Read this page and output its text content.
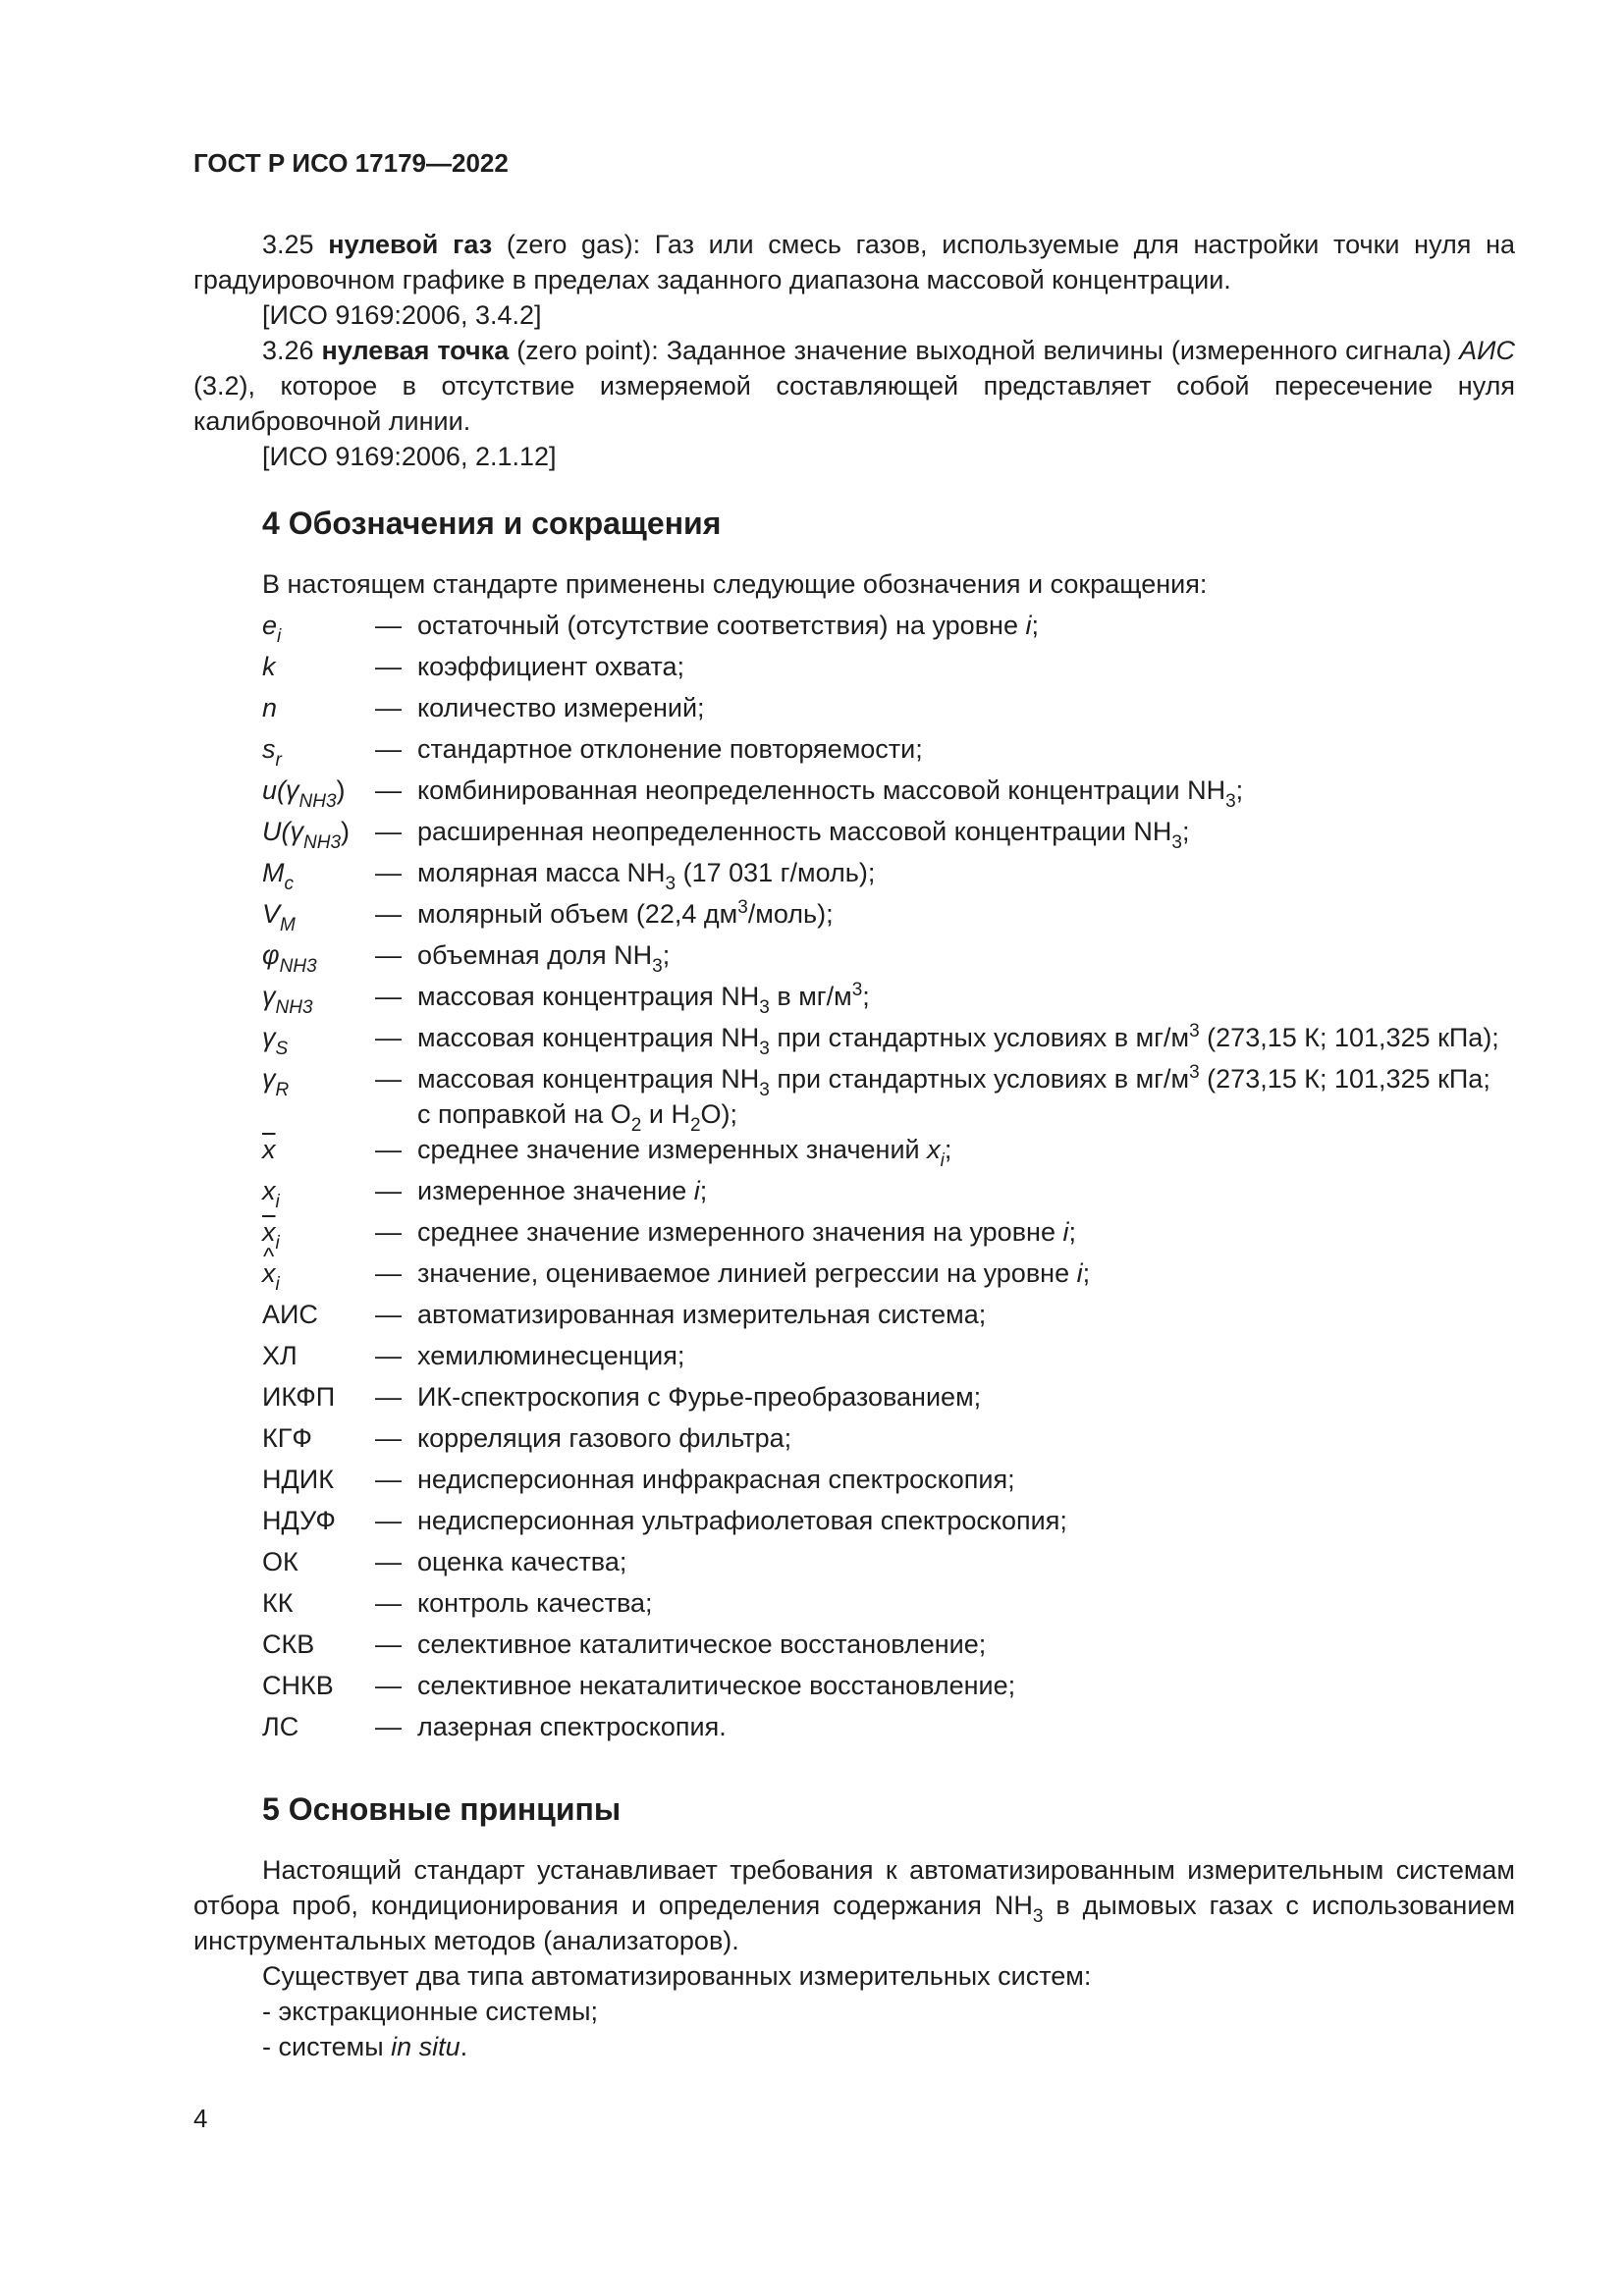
ГОСТ Р ИСО 17179—2022

3.25 нулевой газ (zero gas): Газ или смесь газов, используемые для настройки точки нуля на градуировочном графике в пределах заданного диапазона массовой концентрации.

[ИСО 9169:2006, 3.4.2]

3.26 нулевая точка (zero point): Заданное значение выходной величины (измеренного сигнала) АИС (3.2), которое в отсутствие измеряемой составляющей представляет собой пересечение нуля калибровочной линии.

[ИСО 9169:2006, 2.1.12]

4 Обозначения и сокращения

В настоящем стандарте применены следующие обозначения и сокращения:

$e_i$	— остаточный (отсутствие соответствия) на уровне i;
k	— коэффициент охвата;
n	— количество измерений;
$s_r$	— стандартное отклонение повторяемости;
$u(\gamma_{NH3})$	— комбинированная неопределенность массовой концентрации $NH_3$;
$U(\gamma_{NH3})$ — расширенная неопределенность массовой концентрации $NH_3$;
$M_c$	— молярная масса $NH_3$ (17 031 г/моль);
$V_M$	— молярный объем (22,4 $дм^3/моль$);
$\varphi_{NH3}$	— объемная доля $NH_3$;
$\gamma_{NH3}$	— массовая концентрация $NH_3$ в $мг/м^3$;
$\gamma_S$	— массовая концентрация $NH_3$ при стандартных условиях в $мг/м^3$ (273,15 К; 101,325 кПа);
$\gamma_R$	— массовая концентрация $NH_3$ при стандартных условиях в $мг/м^3$ (273,15 К; 101,325 кПа;
с поправкой на $O_2$ и $H_2O$);
$\overline{x}$	— среднее значение измеренных значений $x_i$;
$x_i$	— измеренное значение i;
$\overline{x}_i$	— среднее значение измеренного значения на уровне i;
^ $x_i$	— значение, оцениваемое линией регрессии на уровне i;
АИС	— автоматизированная измерительная система;
ХЛ	— хемилюминесценция;
ИКФП	— ИК-спектроскопия с Фурье-преобразованием;
КГФ	— корреляция газового фильтра;
НДИК	— недисперсионная инфракрасная спектроскопия;
НДУФ	— недисперсионная ультрафиолетовая спектроскопия;
ОК	— оценка качества;
КК	— контроль качества;
СКВ	— селективное каталитическое восстановление;
СНКВ	— селективное некаталитическое восстановление;
ЛС	— лазерная спектроскопия.
5 Основные принципы

Настоящий стандарт устанавливает требования к автоматизированным измерительным системам отбора проб, кондиционирования и определения содержания $NH_3$ в дымовых газах с использованием инструментальных методов (анализаторов).

Существует два типа автоматизированных измерительных систем:

- экстракционные системы;

- системы in situ.

4
